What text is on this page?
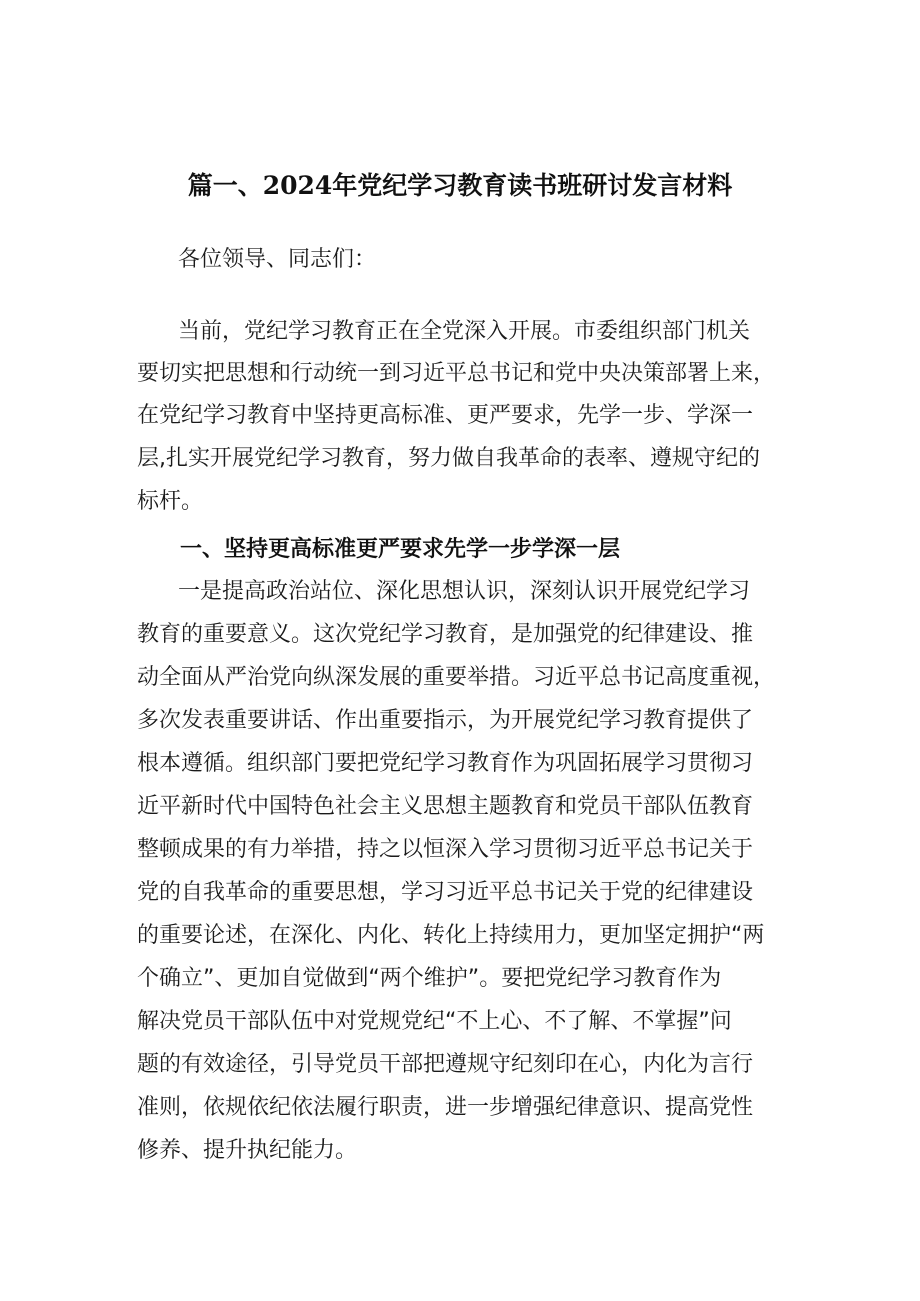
篇一、2024年党纪学习教育读书班研讨发言材料
各位领导、同志们：
当前，党纪学习教育正在全党深入开展。市委组织部门机关
要切实把思想和行动统一到习近平总书记和党中央决策部署上来，
在党纪学习教育中坚持更高标准、更严要求，先学一步、学深一
层,扎实开展党纪学习教育，努力做自我革命的表率、遵规守纪的
标杆。
一、坚持更高标准更严要求先学一步学深一层
一是提高政治站位、深化思想认识，深刻认识开展党纪学习
教育的重要意义。这次党纪学习教育，是加强党的纪律建设、推
动全面从严治党向纵深发展的重要举措。习近平总书记高度重视，
多次发表重要讲话、作出重要指示，为开展党纪学习教育提供了
根本遵循。组织部门要把党纪学习教育作为巩固拓展学习贯彻习
近平新时代中国特色社会主义思想主题教育和党员干部队伍教育
整顿成果的有力举措，持之以恒深入学习贯彻习近平总书记关于
党的自我革命的重要思想，学习习近平总书记关于党的纪律建设
的重要论述，在深化、内化、转化上持续用力，更加坚定拥护“两
个确立”、更加自觉做到“两个维护”。要把党纪学习教育作为
解决党员干部队伍中对党规党纪“不上心、不了解、不掌握”问
题的有效途径，引导党员干部把遵规守纪刻印在心，内化为言行
准则，依规依纪依法履行职责，进一步增强纪律意识、提高党性
修养、提升执纪能力。
